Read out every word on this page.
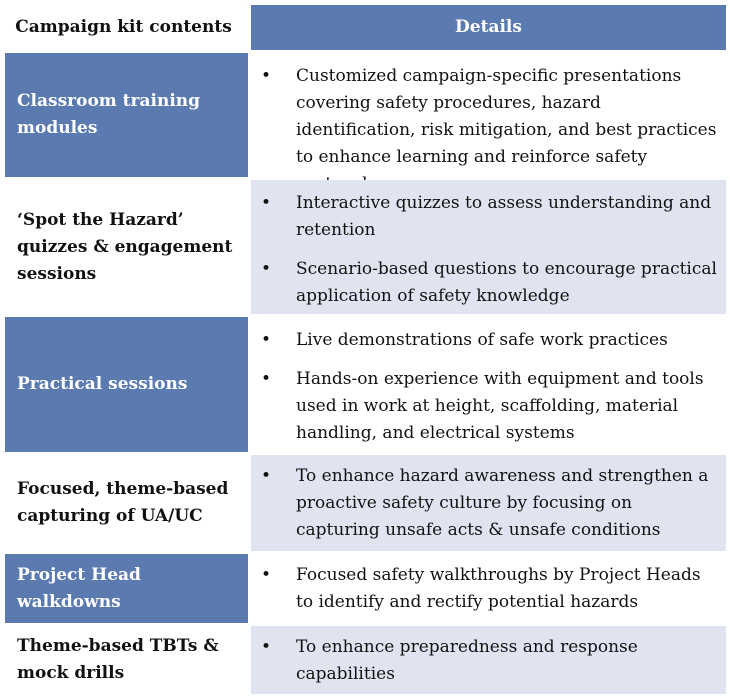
Campaign kit contents	Details
Classroom training modules
• Customized campaign-specific presentations covering safety procedures, hazard identification, risk mitigation, and best practices to enhance learning and reinforce safety
‘Spot the Hazard’ quizzes & engagement sessions
• Interactive quizzes to assess understanding and retention
• Scenario-based questions to encourage practical application of safety knowledge
Practical sessions
• Live demonstrations of safe work practices
• Hands-on experience with equipment and tools used in work at height, scaffolding, material handling, and electrical systems
Focused, theme-based capturing of UA/UC
• To enhance hazard awareness and strengthen a proactive safety culture by focusing on capturing unsafe acts & unsafe conditions
Project Head walkdowns
• Focused safety walkthroughs by Project Heads to identify and rectify potential hazards
Theme-based TBTs & mock drills
• To enhance preparedness and response capabilities
